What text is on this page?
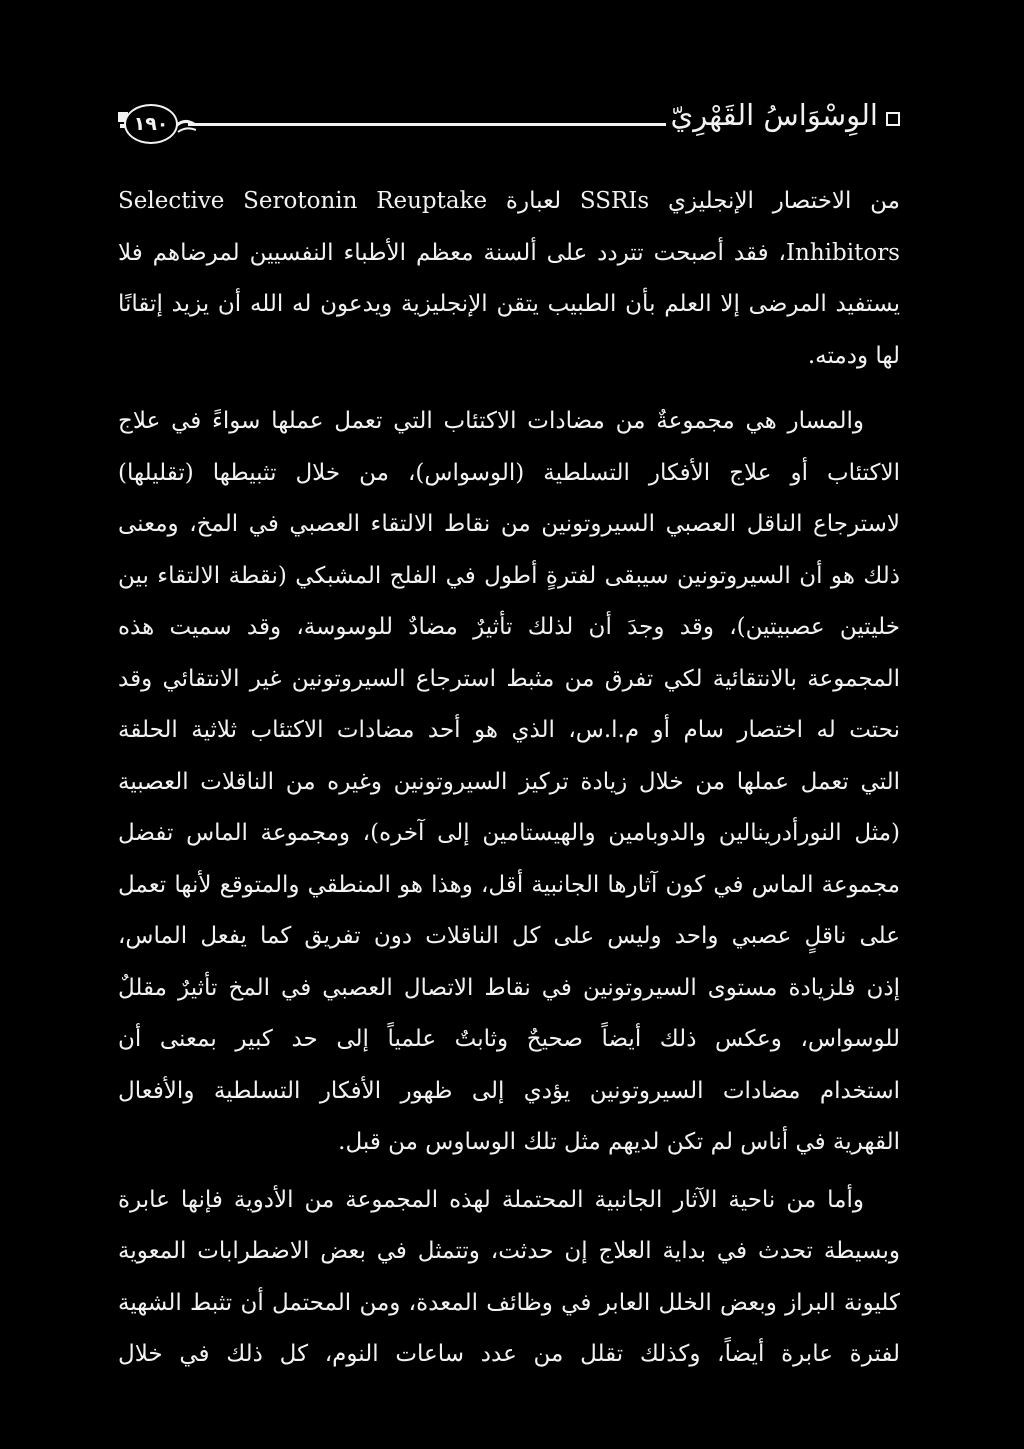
١٩٠	الوِسْوَاسُ القَهْرِيّ
من الاختصار الإنجليزي SSRIs لعبارة Selective Serotonin Reuptake
Inhibitors، فقد أصبحت تتردد على ألسنة معظم الأطباء النفسيين لمرضاهم فلا
يستفيد المرضى إلا العلم بأن الطبيب يتقن الإنجليزية ويدعون له الله أن يزيد إتقانًا
لها ودمته.
والمسار هي مجموعةٌ من مضادات الاكتئاب التي تعمل عملها سواءً في علاج
الاكتئاب أو علاج الأفكار التسلطية (الوسواس)، من خلال تثبيطها (تقليلها)
لاسترجاع الناقل العصبي السيروتونين من نقاط الالتقاء العصبي في المخ، ومعنى
ذلك هو أن السيروتونين سيبقى لفترةٍ أطول في الفلج المشبكي (نقطة الالتقاء بين
خليتين عصبيتين)، وقد وجدَ أن لذلك تأثيرٌ مضادٌ للوسوسة، وقد سميت هذه
المجموعة بالانتقائية لكي تفرق من مثبط استرجاع السيروتونين غير الانتقائي وقد
نحتت له اختصار سام أو م.ا.س، الذي هو أحد مضادات الاكتئاب ثلاثية الحلقة
التي تعمل عملها من خلال زيادة تركيز السيروتونين وغيره من الناقلات العصبية
(مثل النورأدرينالين والدوبامين والهيستامين إلى آخره)، ومجموعة الماس تفضل
مجموعة الماس في كون آثارها الجانبية أقل، وهذا هو المنطقي والمتوقع لأنها تعمل
على ناقلٍ عصبي واحد وليس على كل الناقلات دون تفريق كما يفعل الماس،
إذن فلزيادة مستوى السيروتونين في نقاط الاتصال العصبي في المخ تأثيرٌ مقللٌ
للوسواس، وعكس ذلك أيضاً صحيحٌ وثابتٌ علمياً إلى حد كبير بمعنى أن
استخدام مضادات السيروتونين يؤدي إلى ظهور الأفكار التسلطية والأفعال
القهرية في أناس لم تكن لديهم مثل تلك الوساوس من قبل.
وأما من ناحية الآثار الجانبية المحتملة لهذه المجموعة من الأدوية فإنها عابرة
وبسيطة تحدث في بداية العلاج إن حدثت، وتتمثل في بعض الاضطرابات المعوية
كليونة البراز وبعض الخلل العابر في وظائف المعدة، ومن المحتمل أن تثبط الشهية
لفترة عابرة أيضاً، وكذلك تقلل من عدد ساعات النوم، كل ذلك في خلال
